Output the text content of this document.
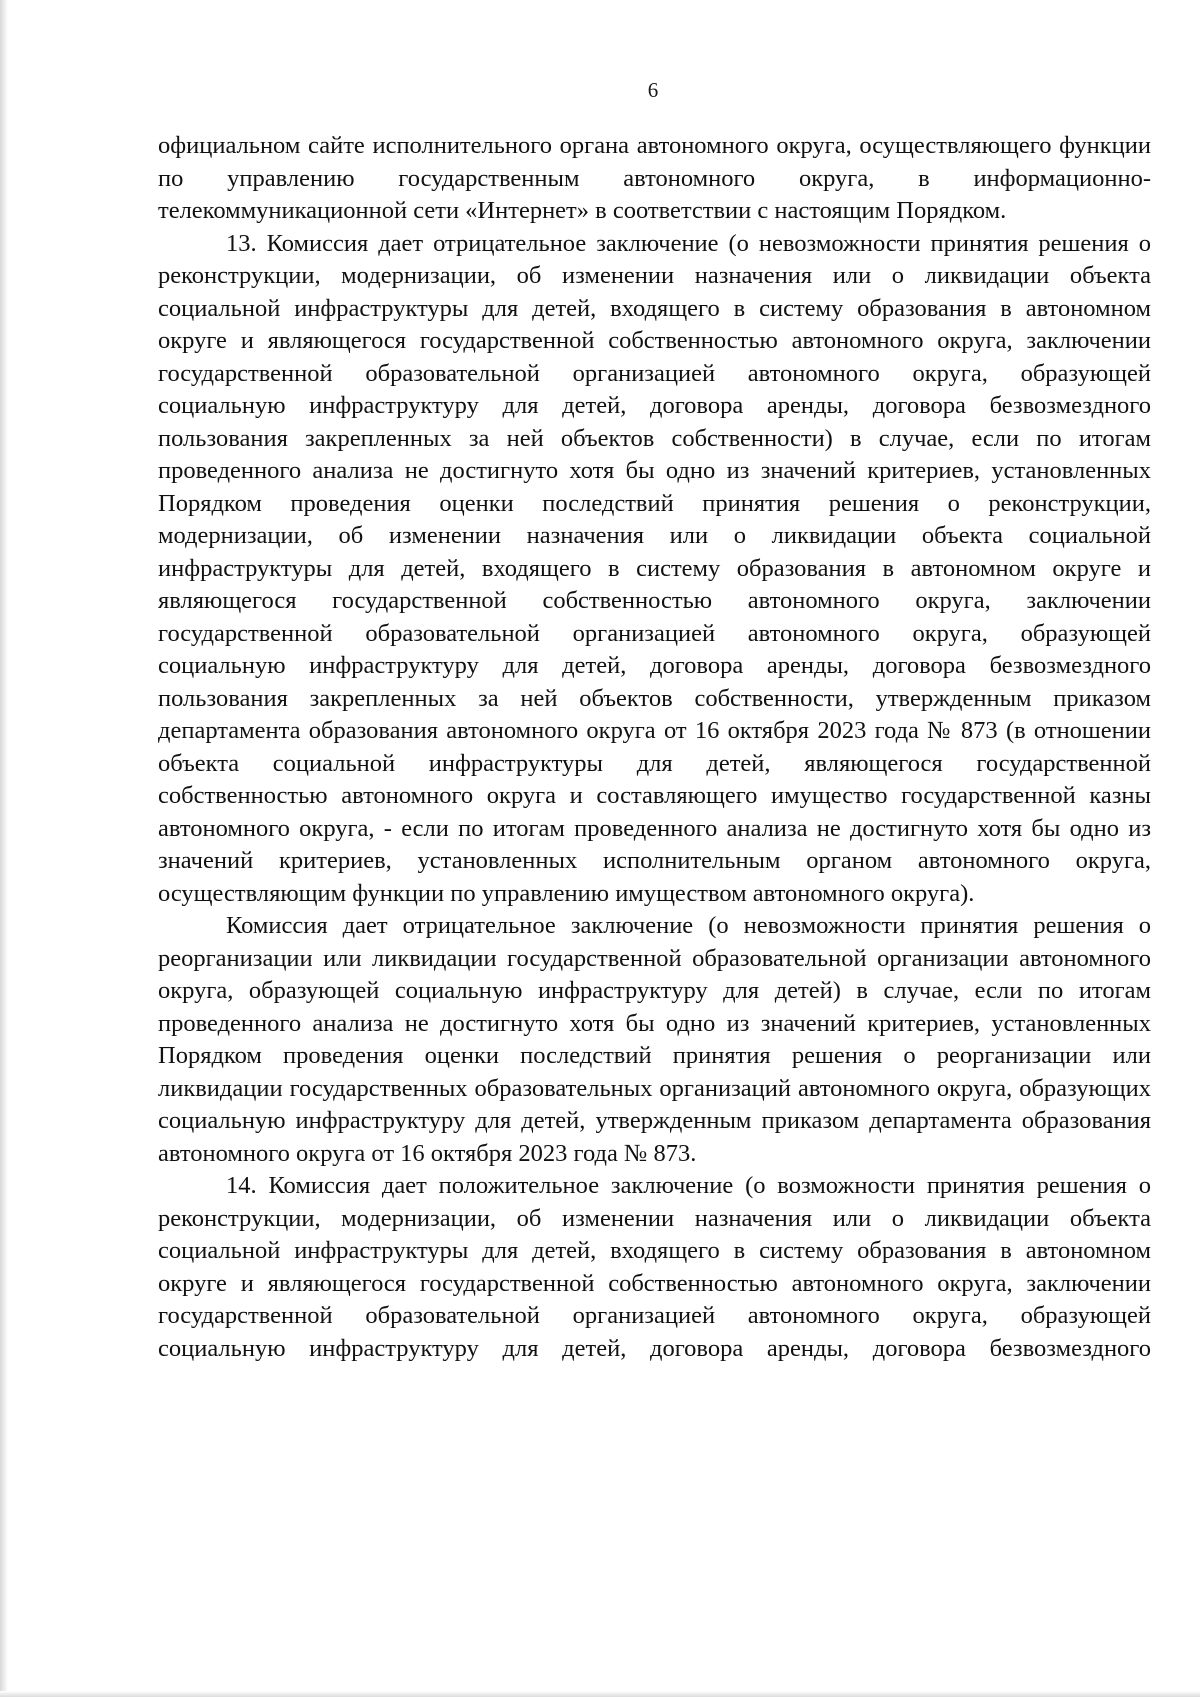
6

официальном сайте исполнительного органа автономного округа, осуществляющего функции по управлению государственным автономного округа, в информационно-телекоммуникационной сети «Интернет» в соответствии с настоящим Порядком.

13. Комиссия дает отрицательное заключение (о невозможности принятия решения о реконструкции, модернизации, об изменении назначения или о ликвидации объекта социальной инфраструктуры для детей, входящего в систему образования в автономном округе и являющегося государственной собственностью автономного округа, заключении государственной образовательной организацией автономного округа, образующей социальную инфраструктуру для детей, договора аренды, договора безвозмездного пользования закрепленных за ней объектов собственности) в случае, если по итогам проведенного анализа не достигнуто хотя бы одно из значений критериев, установленных Порядком проведения оценки последствий принятия решения о реконструкции, модернизации, об изменении назначения или о ликвидации объекта социальной инфраструктуры для детей, входящего в систему образования в автономном округе и являющегося государственной собственностью автономного округа, заключении государственной образовательной организацией автономного округа, образующей социальную инфраструктуру для детей, договора аренды, договора безвозмездного пользования закрепленных за ней объектов собственности, утвержденным приказом департамента образования автономного округа от 16 октября 2023 года № 873 (в отношении объекта социальной инфраструктуры для детей, являющегося государственной собственностью автономного округа и составляющего имущество государственной казны автономного округа, - если по итогам проведенного анализа не достигнуто хотя бы одно из значений критериев, установленных исполнительным органом автономного округа, осуществляющим функции по управлению имуществом автономного округа).

Комиссия дает отрицательное заключение (о невозможности принятия решения о реорганизации или ликвидации государственной образовательной организации автономного округа, образующей социальную инфраструктуру для детей) в случае, если по итогам проведенного анализа не достигнуто хотя бы одно из значений критериев, установленных Порядком проведения оценки последствий принятия решения о реорганизации или ликвидации государственных образовательных организаций автономного округа, образующих социальную инфраструктуру для детей, утвержденным приказом департамента образования автономного округа от 16 октября 2023 года № 873.

14. Комиссия дает положительное заключение (о возможности принятия решения о реконструкции, модернизации, об изменении назначения или о ликвидации объекта социальной инфраструктуры для детей, входящего в систему образования в автономном округе и являющегося государственной собственностью автономного округа, заключении государственной образовательной организацией автономного округа, образующей социальную инфраструктуру для детей, договора аренды, договора безвозмездного
